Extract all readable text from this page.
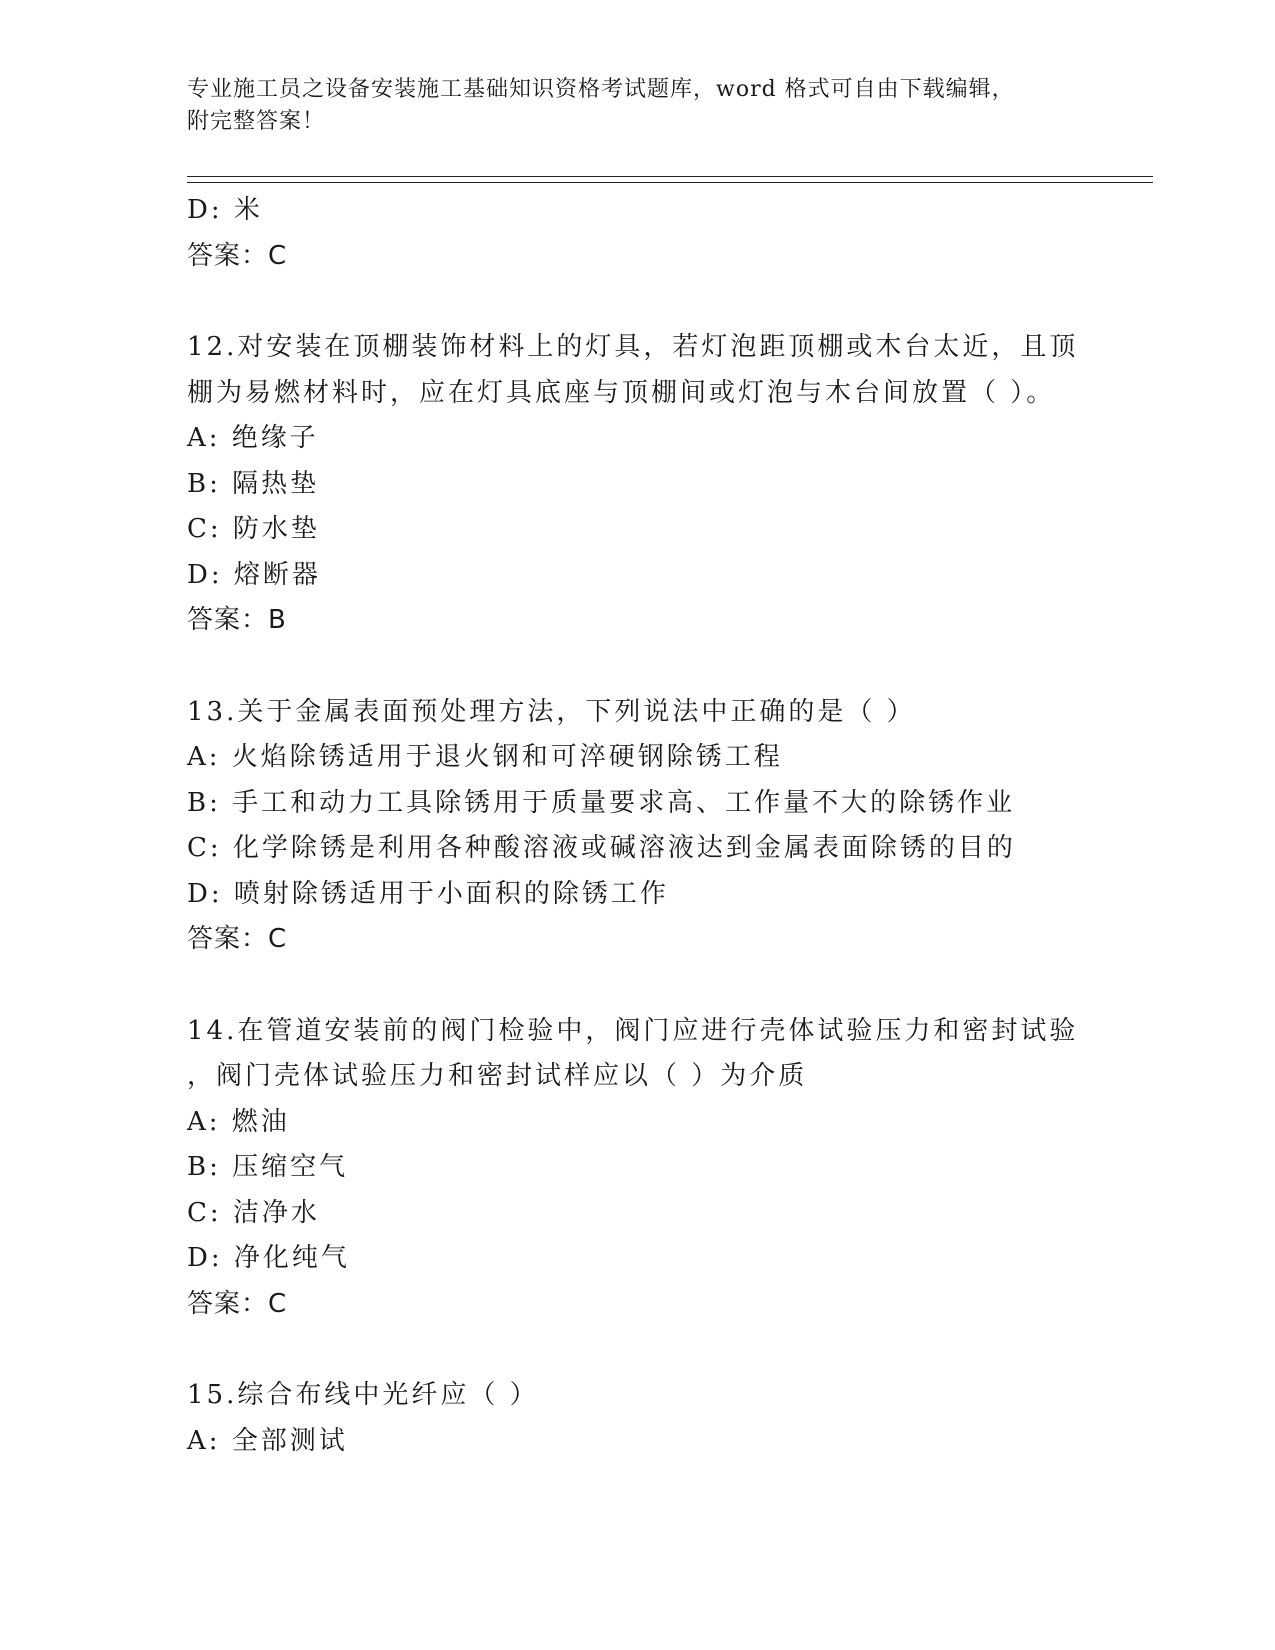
专业施工员之设备安装施工基础知识资格考试题库，word 格式可自由下载编辑，
附完整答案！
D: 米
答案：C
12.对安装在顶棚装饰材料上的灯具，若灯泡距顶棚或木台太近，且顶
棚为易燃材料时，应在灯具底座与顶棚间或灯泡与木台间放置（ ）。
A: 绝缘子
B: 隔热垫
C: 防水垫
D: 熔断器
答案：B
13.关于金属表面预处理方法，下列说法中正确的是（ ）
A: 火焰除锈适用于退火钢和可淬硬钢除锈工程
B: 手工和动力工具除锈用于质量要求高、工作量不大的除锈作业
C: 化学除锈是利用各种酸溶液或碱溶液达到金属表面除锈的目的
D: 喷射除锈适用于小面积的除锈工作
答案：C
14.在管道安装前的阀门检验中，阀门应进行壳体试验压力和密封试验
，阀门壳体试验压力和密封试样应以（ ）为介质
A: 燃油
B: 压缩空气
C: 洁净水
D: 净化纯气
答案：C
15.综合布线中光纤应（ ）
A: 全部测试
